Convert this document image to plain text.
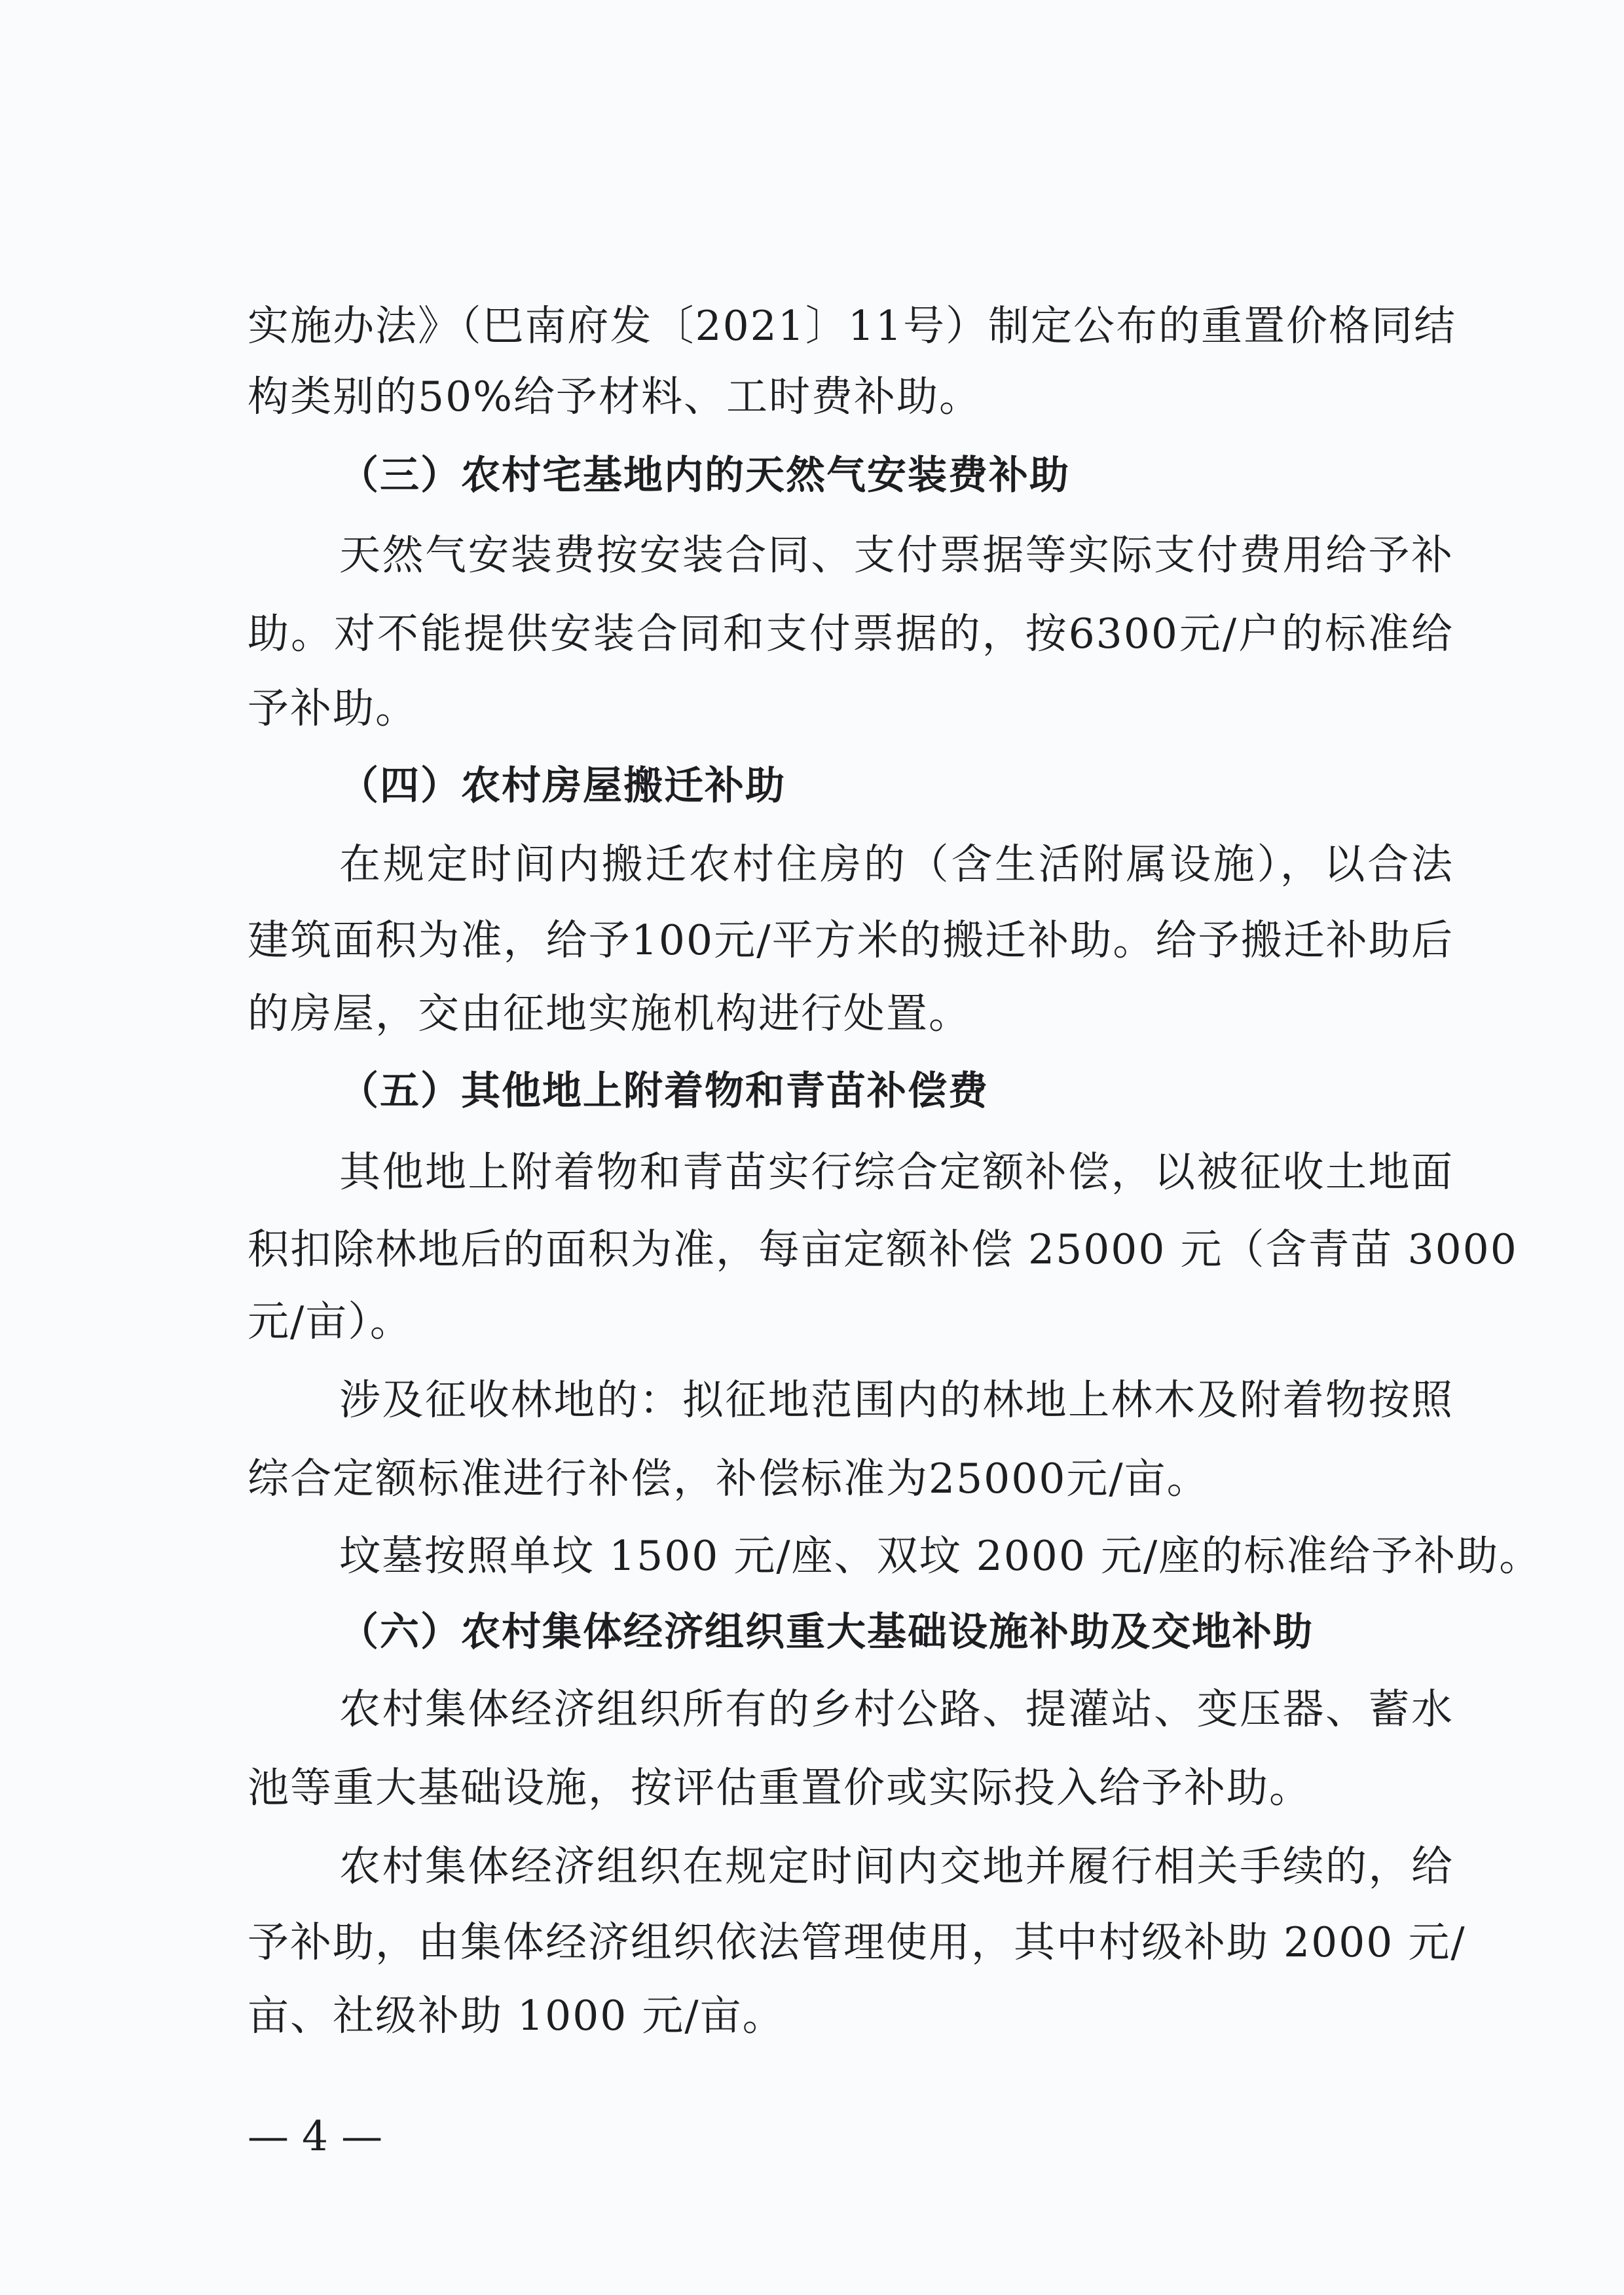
实施办法》（巴南府发〔2021〕11号）制定公布的重置价格同结

构类别的50%给予材料、工时费补助。

（三）农村宅基地内的天然气安装费补助

天然气安装费按安装合同、支付票据等实际支付费用给予补

助。对不能提供安装合同和支付票据的，按6300元/户的标准给

予补助。

（四）农村房屋搬迁补助

在规定时间内搬迁农村住房的（含生活附属设施），以合法

建筑面积为准，给予100元/平方米的搬迁补助。给予搬迁补助后

的房屋，交由征地实施机构进行处置。

（五）其他地上附着物和青苗补偿费

其他地上附着物和青苗实行综合定额补偿，以被征收土地面

积扣除林地后的面积为准，每亩定额补偿 25000 元（含青苗 3000

元/亩）。

涉及征收林地的：拟征地范围内的林地上林木及附着物按照

综合定额标准进行补偿，补偿标准为25000元/亩。

坟墓按照单坟 1500 元/座、双坟 2000 元/座的标准给予补助。

（六）农村集体经济组织重大基础设施补助及交地补助

农村集体经济组织所有的乡村公路、提灌站、变压器、蓄水

池等重大基础设施，按评估重置价或实际投入给予补助。

农村集体经济组织在规定时间内交地并履行相关手续的，给

予补助，由集体经济组织依法管理使用，其中村级补助 2000 元/

亩、社级补助 1000 元/亩。

— 4 —
